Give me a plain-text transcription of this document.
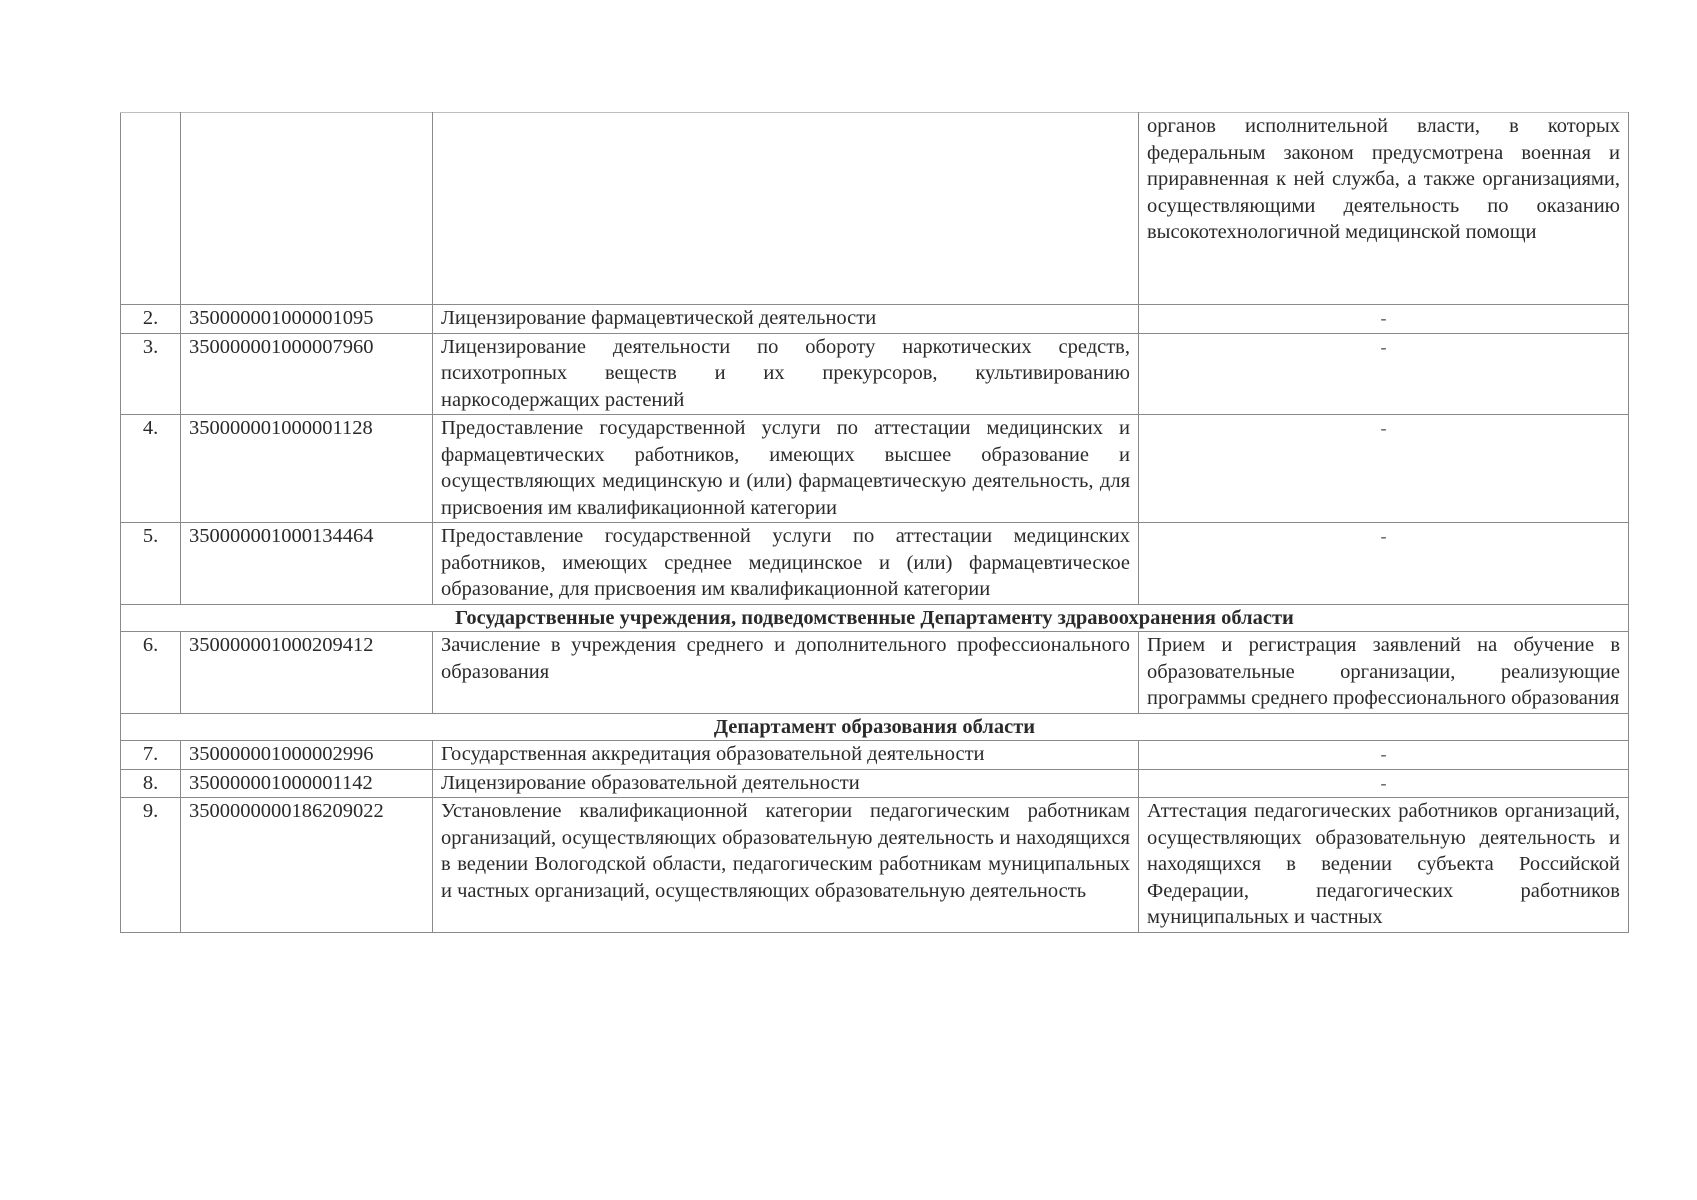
			органов исполнительной власти, в которых федеральным законом предусмотрена военная и приравненная к ней служба, а также организациями, осуществляющими деятельность по оказанию высокотехнологичной медицинской помощи
2.	350000001000001095	Лицензирование фармацевтической деятельности	-
3.	350000001000007960	Лицензирование деятельности по обороту наркотических средств, психотропных веществ и их прекурсоров, культивированию наркосодержащих растений	-
4.	350000001000001128	Предоставление государственной услуги по аттестации медицинских и фармацевтических работников, имеющих высшее образование и осуществляющих медицинскую и (или) фармацевтическую деятельность, для присвоения им квалификационной категории	-
5.	350000001000134464	Предоставление государственной услуги по аттестации медицинских работников, имеющих среднее медицинское и (или) фармацевтическое образование, для присвоения им квалификационной категории	-
Государственные учреждения, подведомственные Департаменту здравоохранения области			
6.	350000001000209412	Зачисление в учреждения среднего и дополнительного профессионального образования	Прием и регистрация заявлений на обучение в образовательные организации, реализующие программы среднего профессионального образования
Департамент образования области			
7.	350000001000002996	Государственная аккредитация образовательной деятельности	-
8.	350000001000001142	Лицензирование образовательной деятельности	-
9.	3500000000186209022	Установление квалификационной категории педагогическим работникам организаций, осуществляющих образовательную деятельность и находящихся в ведении Вологодской области, педагогическим работникам муниципальных и частных организаций, осуществляющих образовательную деятельность	Аттестация педагогических работников организаций, осуществляющих образовательную деятельность и находящихся в ведении субъекта Российской Федерации, педагогических работников муниципальных и частных
